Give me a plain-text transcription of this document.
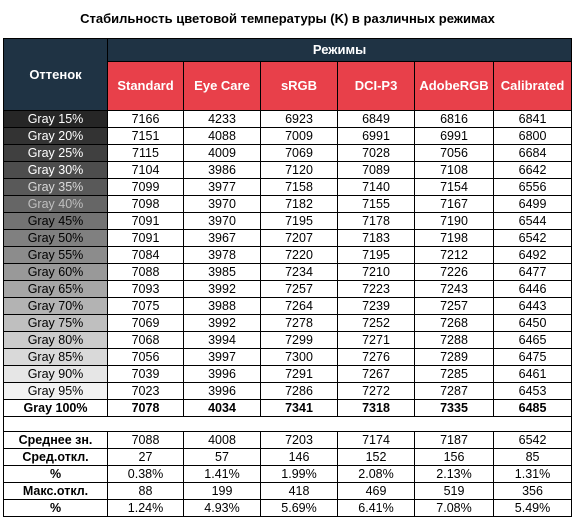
Стабильность цветовой температуры (K) в различных режимах
Оттенок	Режимы					
	Standard	Eye Care	sRGB	DCI-P3	AdobeRGB	Calibrated
Gray 15%	7166	4233	6923	6849	6816	6841
Gray 20%	7151	4088	7009	6991	6991	6800
Gray 25%	7115	4009	7069	7028	7056	6684
Gray 30%	7104	3986	7120	7089	7108	6642
Gray 35%	7099	3977	7158	7140	7154	6556
Gray 40%	7098	3970	7182	7155	7167	6499
Gray 45%	7091	3970	7195	7178	7190	6544
Gray 50%	7091	3967	7207	7183	7198	6542
Gray 55%	7084	3978	7220	7195	7212	6492
Gray 60%	7088	3985	7234	7210	7226	6477
Gray 65%	7093	3992	7257	7223	7243	6446
Gray 70%	7075	3988	7264	7239	7257	6443
Gray 75%	7069	3992	7278	7252	7268	6450
Gray 80%	7068	3994	7299	7271	7288	6465
Gray 85%	7056	3997	7300	7276	7289	6475
Gray 90%	7039	3996	7291	7267	7285	6461
Gray 95%	7023	3996	7286	7272	7287	6453
Gray 100%	7078	4034	7341	7318	7335	6485

Среднее зн.	7088	4008	7203	7174	7187	6542
Сред.откл.	27	57	146	152	156	85
%	0.38%	1.41%	1.99%	2.08%	2.13%	1.31%
Макс.откл.	88	199	418	469	519	356
%	1.24%	4.93%	5.69%	6.41%	7.08%	5.49%
